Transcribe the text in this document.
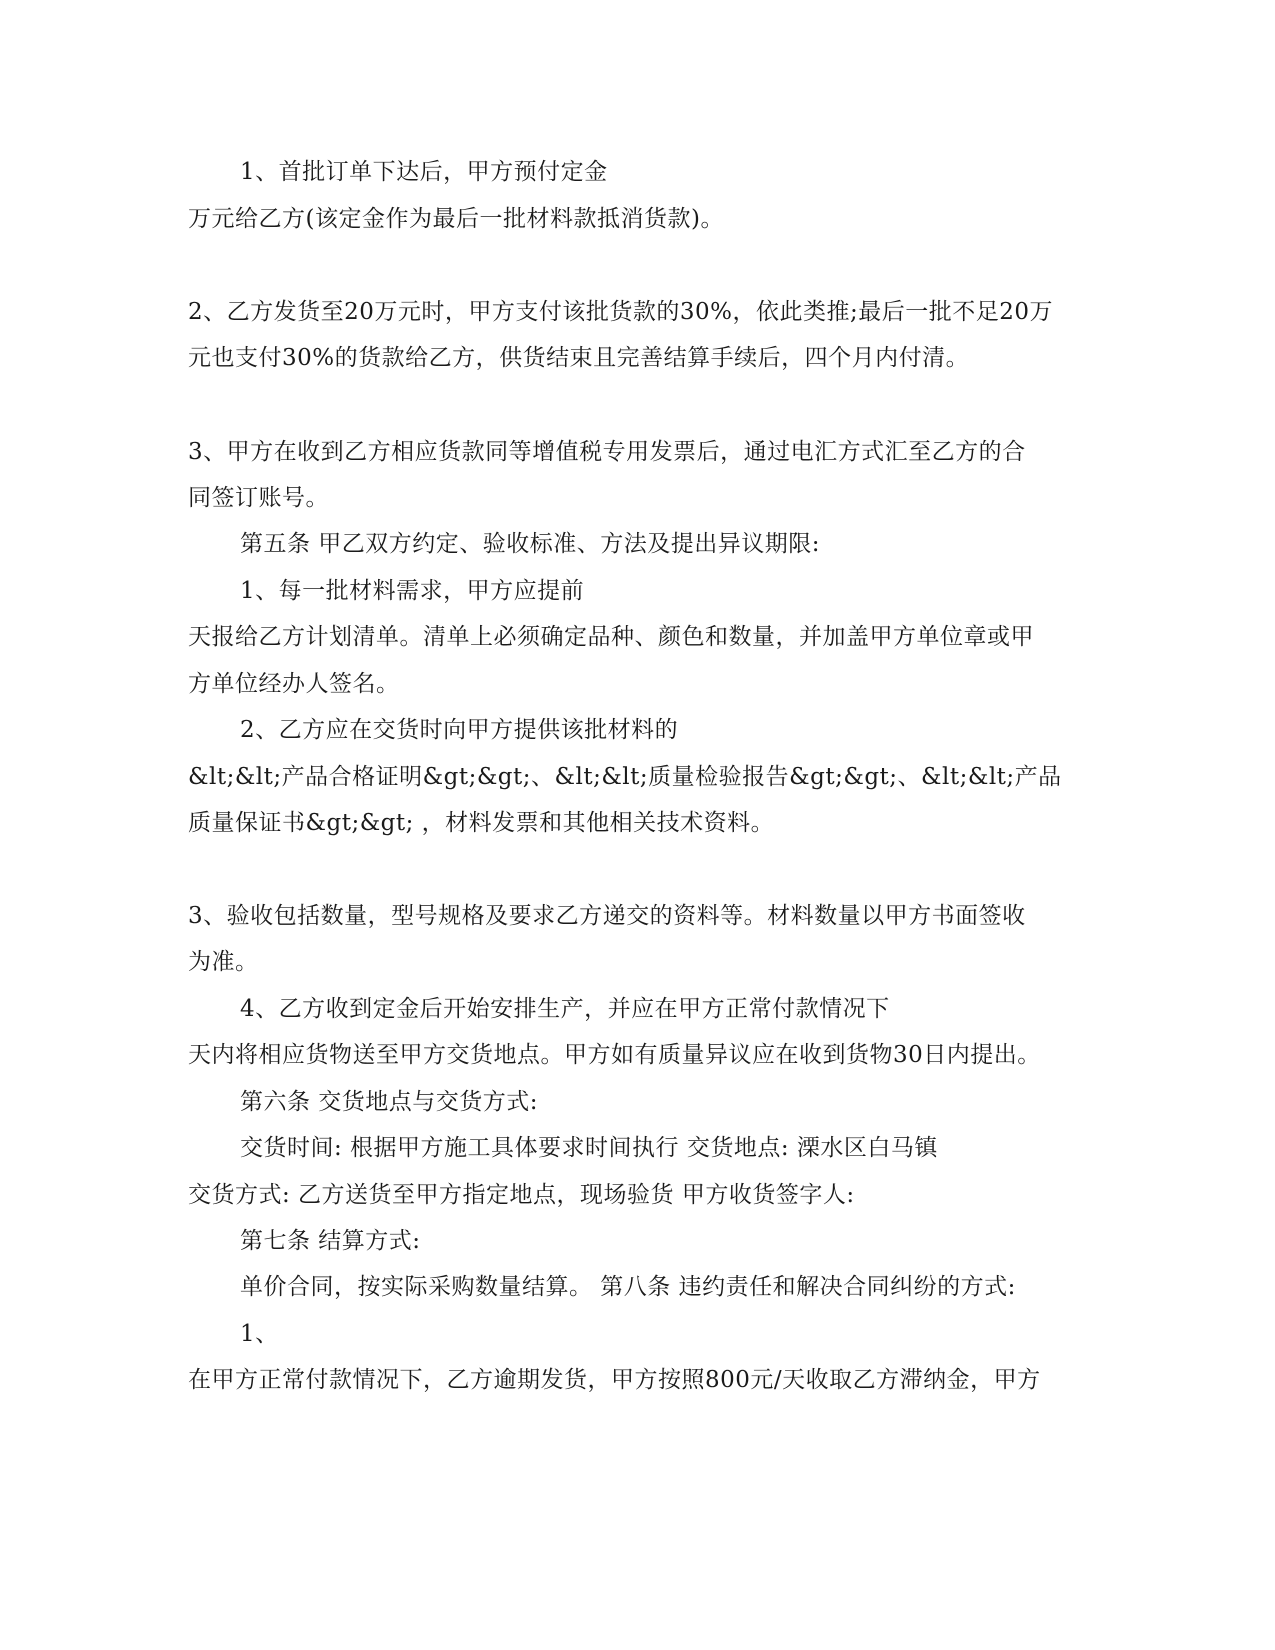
1、首批订单下达后，甲方预付定金
万元给乙方(该定金作为最后一批材料款抵消货款)。
2、乙方发货至20万元时，甲方支付该批货款的30%，依此类推;最后一批不足20万
元也支付30%的货款给乙方，供货结束且完善结算手续后，四个月内付清。
3、甲方在收到乙方相应货款同等增值税专用发票后，通过电汇方式汇至乙方的合
同签订账号。
第五条 甲乙双方约定、验收标准、方法及提出异议期限:
1、每一批材料需求，甲方应提前
天报给乙方计划清单。清单上必须确定品种、颜色和数量，并加盖甲方单位章或甲
方单位经办人签名。
2、乙方应在交货时向甲方提供该批材料的
&lt;&lt;产品合格证明&gt;&gt;、&lt;&lt;质量检验报告&gt;&gt;、&lt;&lt;产品
质量保证书&gt;&gt; ，材料发票和其他相关技术资料。
3、验收包括数量，型号规格及要求乙方递交的资料等。材料数量以甲方书面签收
为准。
4、乙方收到定金后开始安排生产，并应在甲方正常付款情况下
天内将相应货物送至甲方交货地点。甲方如有质量异议应在收到货物30日内提出。
第六条 交货地点与交货方式:
交货时间: 根据甲方施工具体要求时间执行 交货地点: 溧水区白马镇
交货方式: 乙方送货至甲方指定地点，现场验货 甲方收货签字人:
第七条 结算方式:
单价合同，按实际采购数量结算。 第八条 违约责任和解决合同纠纷的方式:
1、
在甲方正常付款情况下，乙方逾期发货，甲方按照800元/天收取乙方滞纳金，甲方
